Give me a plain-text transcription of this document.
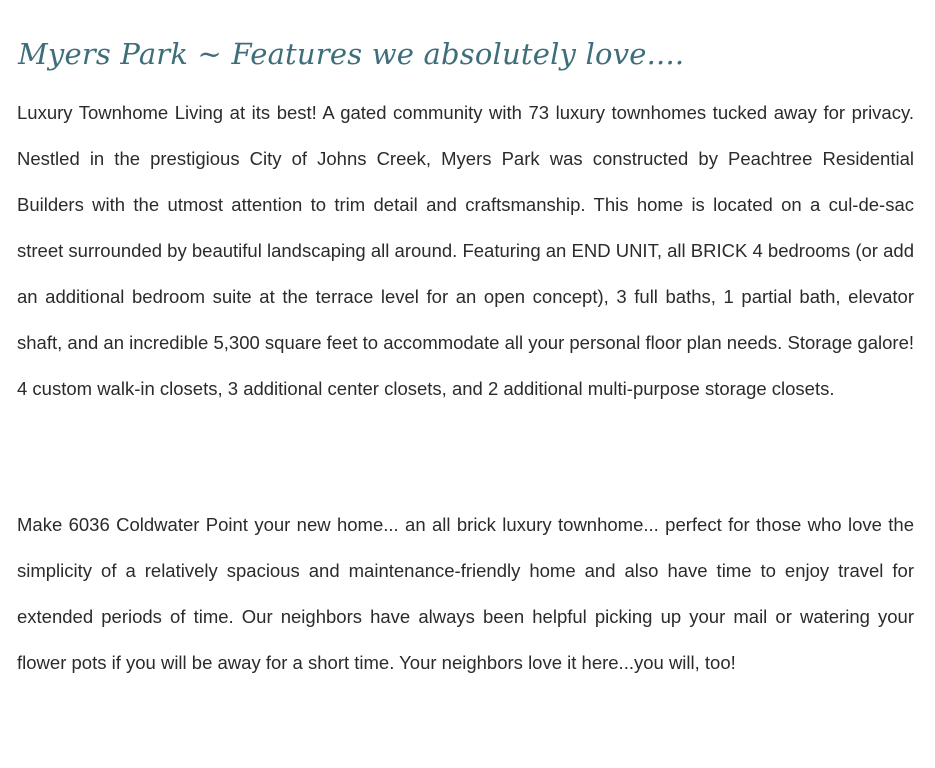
Myers Park ~ Features we absolutely love....

Luxury Townhome Living at its best! A gated community with 73 luxury townhomes tucked away for privacy. Nestled in the prestigious City of Johns Creek, Myers Park was constructed by Peachtree Residential Builders with the utmost attention to trim detail and craftsmanship. This home is located on a cul-de-sac street surrounded by beautiful landscaping all around. Featuring an END UNIT, all BRICK 4 bedrooms (or add an additional bedroom suite at the terrace level for an open concept), 3 full baths, 1 partial bath, elevator shaft, and an incredible 5,300 square feet to accommodate all your personal floor plan needs. Storage galore! 4 custom walk-in closets, 3 additional center closets, and 2 additional multi-purpose storage closets.

Make 6036 Coldwater Point your new home... an all brick luxury townhome... perfect for those who love the simplicity of a relatively spacious and maintenance-friendly home and also have time to enjoy travel for extended periods of time. Our neighbors have always been helpful picking up your mail or watering your flower pots if you will be away for a short time. Your neighbors love it here...you will, too!
